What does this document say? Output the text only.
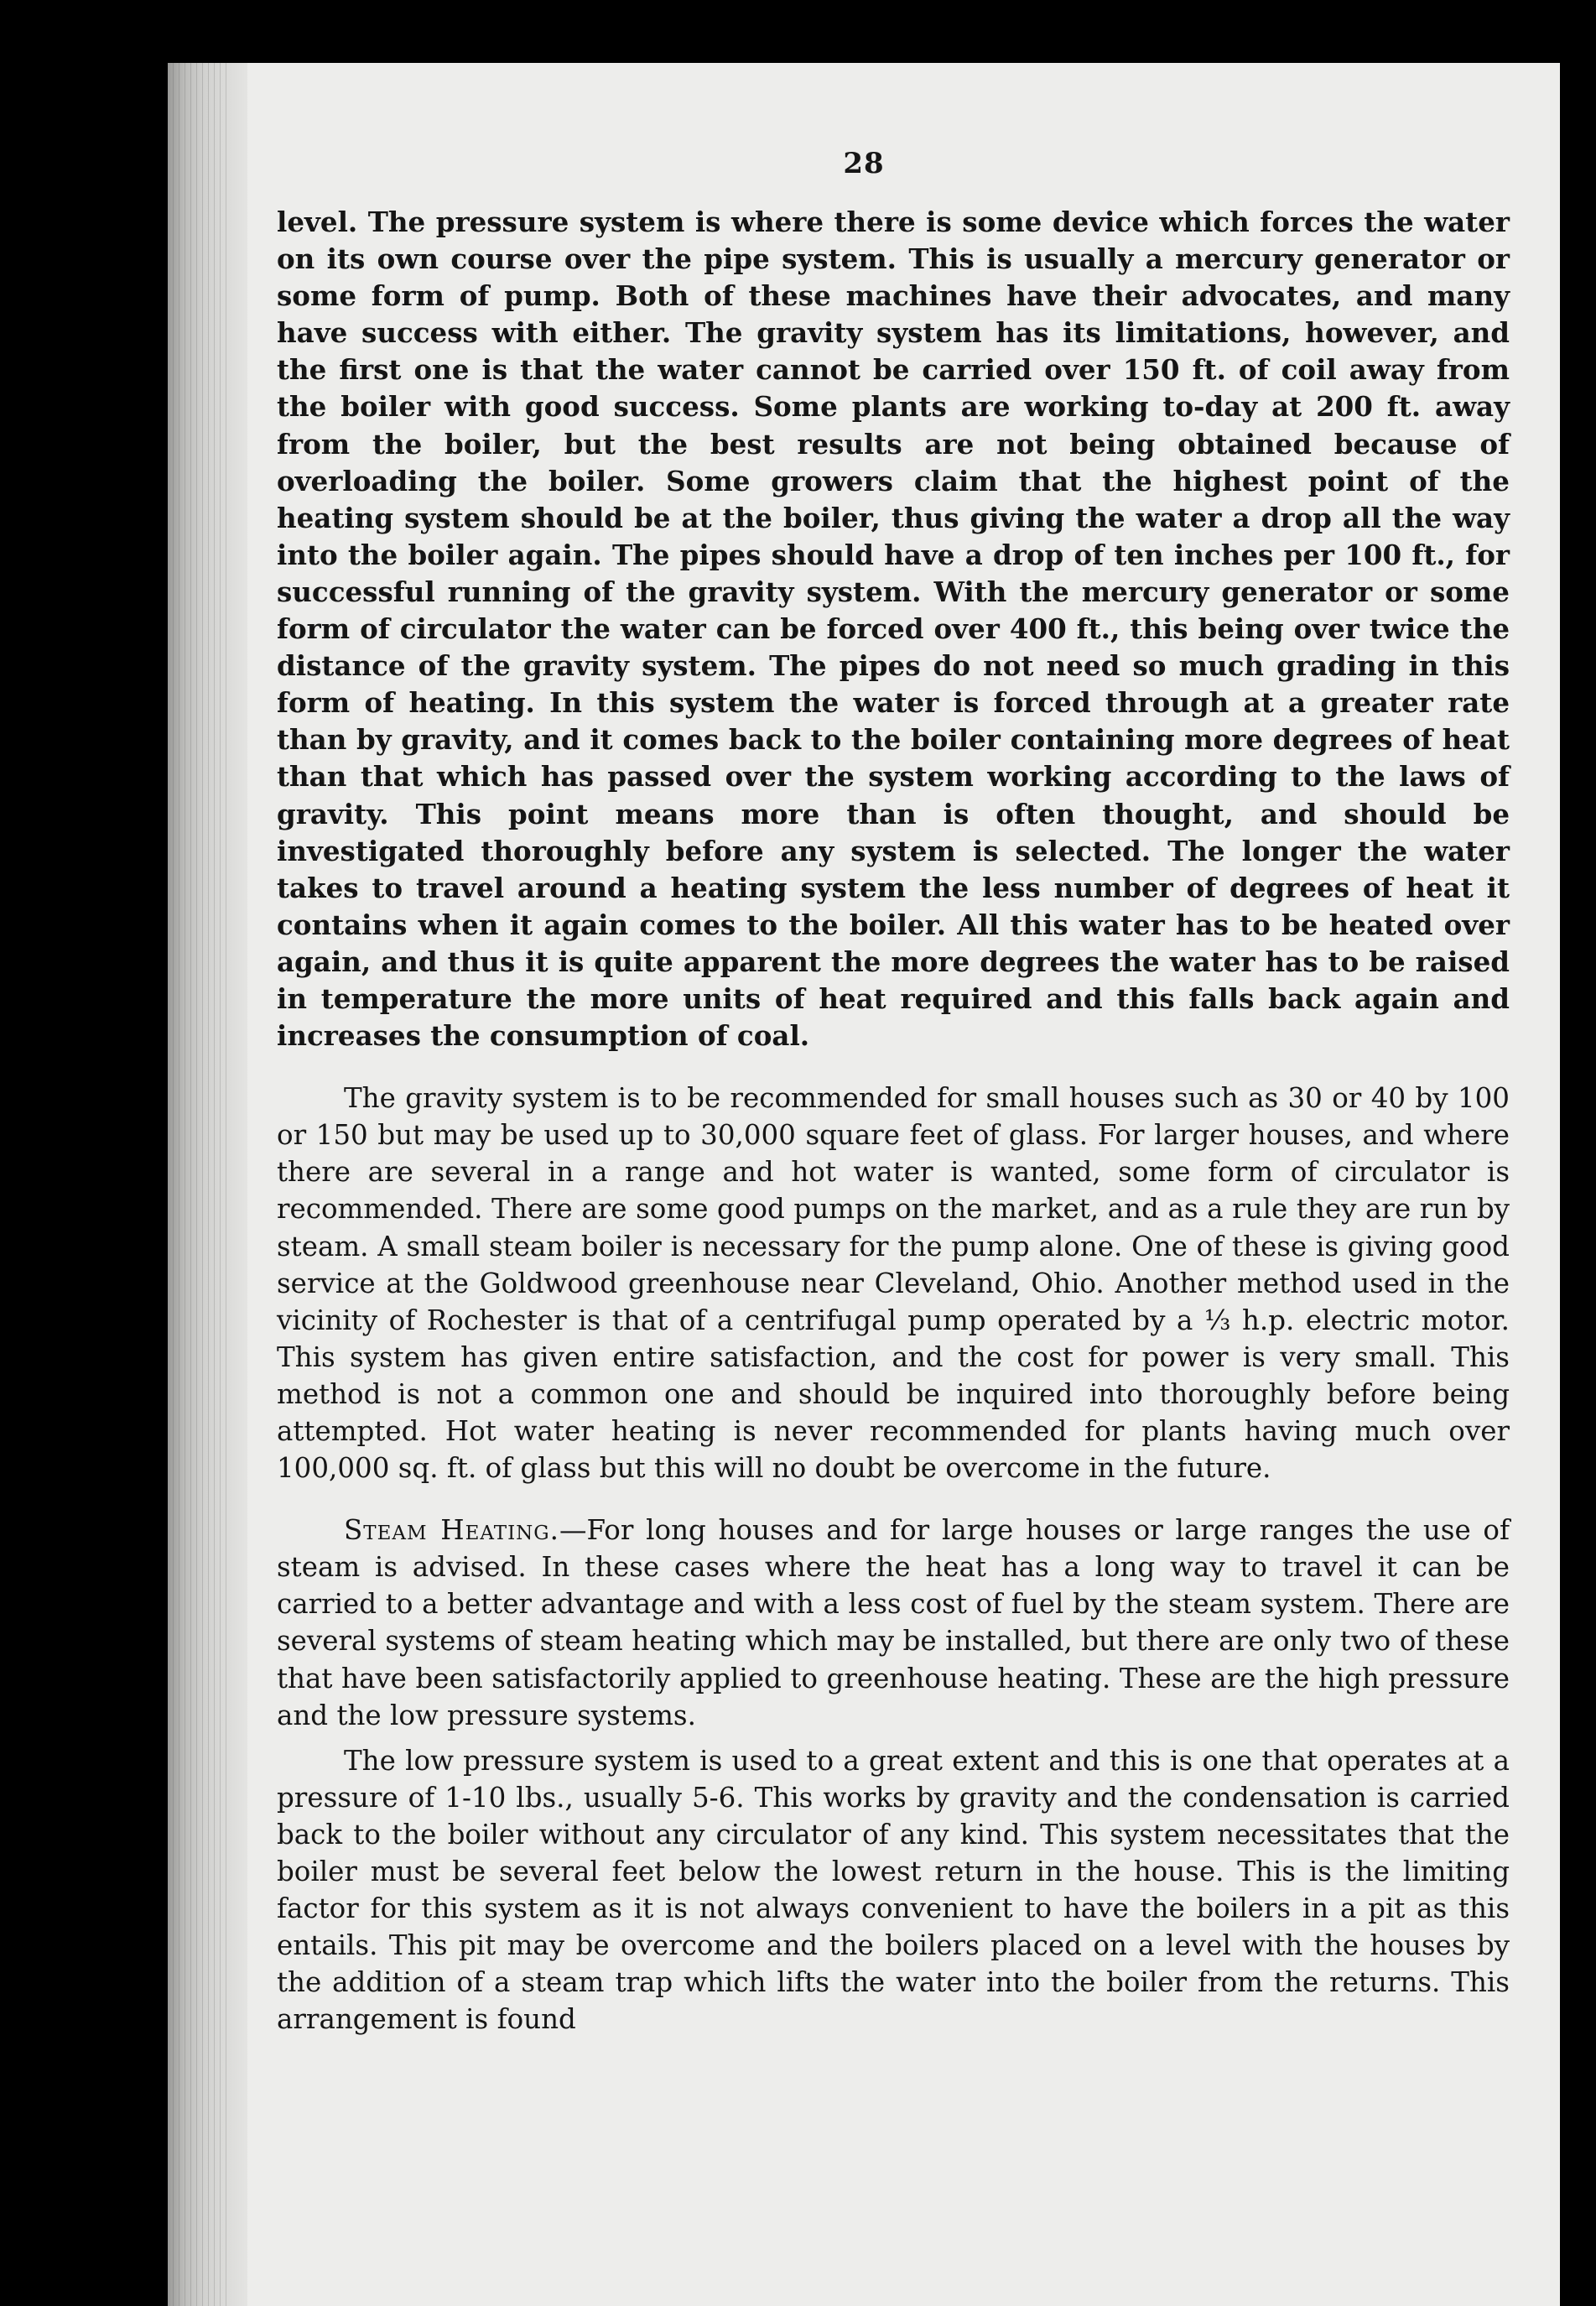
28

level. The pressure system is where there is some device which forces the water on its own course over the pipe system. This is usually a mercury generator or some form of pump. Both of these machines have their advocates, and many have success with either. The gravity system has its limitations, however, and the first one is that the water cannot be carried over 150 ft. of coil away from the boiler with good success. Some plants are working to-day at 200 ft. away from the boiler, but the best results are not being obtained because of overloading the boiler. Some growers claim that the highest point of the heating system should be at the boiler, thus giving the water a drop all the way into the boiler again. The pipes should have a drop of ten inches per 100 ft., for successful running of the gravity system. With the mercury generator or some form of circulator the water can be forced over 400 ft., this being over twice the distance of the gravity system. The pipes do not need so much grading in this form of heating. In this system the water is forced through at a greater rate than by gravity, and it comes back to the boiler containing more degrees of heat than that which has passed over the system working according to the laws of gravity. This point means more than is often thought, and should be investigated thoroughly before any system is selected. The longer the water takes to travel around a heating system the less number of degrees of heat it contains when it again comes to the boiler. All this water has to be heated over again, and thus it is quite apparent the more degrees the water has to be raised in temperature the more units of heat required and this falls back again and increases the consumption of coal.

The gravity system is to be recommended for small houses such as 30 or 40 by 100 or 150 but may be used up to 30,000 square feet of glass. For larger houses, and where there are several in a range and hot water is wanted, some form of circulator is recommended. There are some good pumps on the market, and as a rule they are run by steam. A small steam boiler is necessary for the pump alone. One of these is giving good service at the Goldwood greenhouse near Cleveland, Ohio. Another method used in the vicinity of Rochester is that of a centrifugal pump operated by a ⅓ h.p. electric motor. This system has given entire satisfaction, and the cost for power is very small. This method is not a common one and should be inquired into thoroughly before being attempted. Hot water heating is never recommended for plants having much over 100,000 sq. ft. of glass but this will no doubt be overcome in the future.

Steam Heating.—For long houses and for large houses or large ranges the use of steam is advised. In these cases where the heat has a long way to travel it can be carried to a better advantage and with a less cost of fuel by the steam system. There are several systems of steam heating which may be installed, but there are only two of these that have been satisfactorily applied to greenhouse heating. These are the high pressure and the low pressure systems.

The low pressure system is used to a great extent and this is one that operates at a pressure of 1-10 lbs., usually 5-6. This works by gravity and the condensation is carried back to the boiler without any circulator of any kind. This system necessitates that the boiler must be several feet below the lowest return in the house. This is the limiting factor for this system as it is not always convenient to have the boilers in a pit as this entails. This pit may be overcome and the boilers placed on a level with the houses by the addition of a steam trap which lifts the water into the boiler from the returns. This arrangement is found
